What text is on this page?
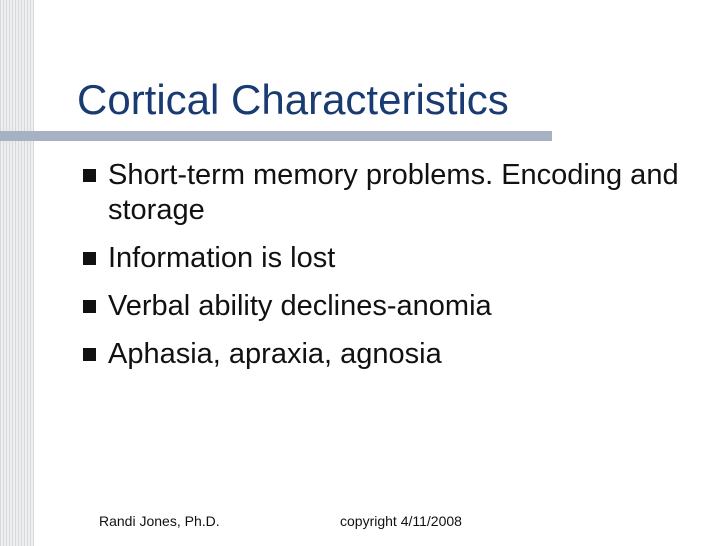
Cortical Characteristics
Short-term memory problems. Encoding and storage
Information is lost
Verbal ability declines-anomia
Aphasia, apraxia, agnosia
Randi Jones, Ph.D.	copyright 4/11/2008
